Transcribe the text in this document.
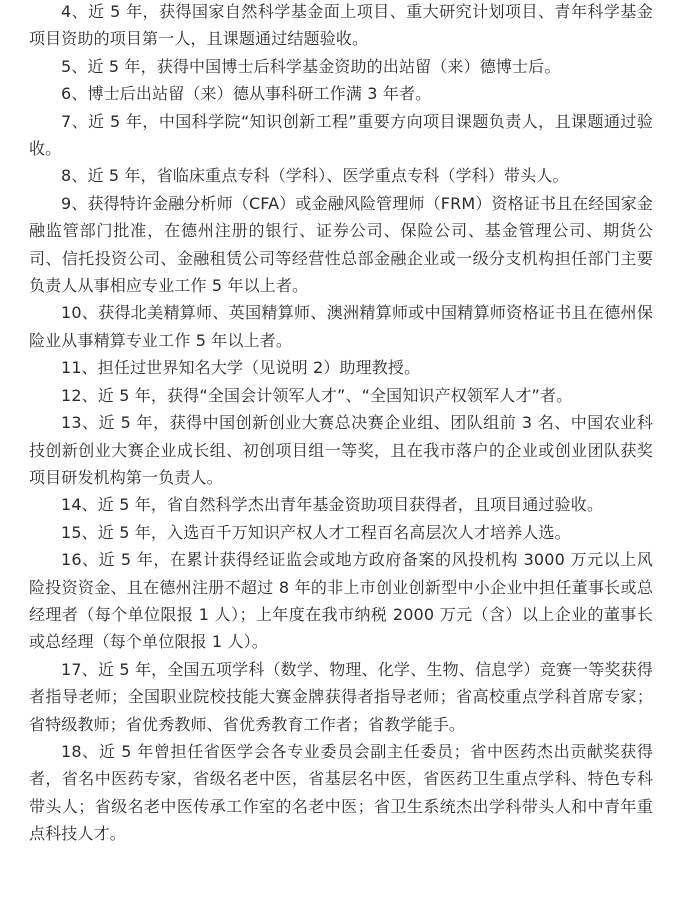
4、近 5 年，获得国家自然科学基金面上项目、重大研究计划项目、青年科学基金项目资助的项目第一人，且课题通过结题验收。

5、近 5 年，获得中国博士后科学基金资助的出站留（来）德博士后。

6、博士后出站留（来）德从事科研工作满 3 年者。

7、近 5 年，中国科学院“知识创新工程”重要方向项目课题负责人，且课题通过验收。

8、近 5 年，省临床重点专科（学科）、医学重点专科（学科）带头人。

9、获得特许金融分析师（CFA）或金融风险管理师（FRM）资格证书且在经国家金融监管部门批准，在德州注册的银行、证券公司、保险公司、基金管理公司、期货公司、信托投资公司、金融租赁公司等经营性总部金融企业或一级分支机构担任部门主要负责人从事相应专业工作 5 年以上者。

10、获得北美精算师、英国精算师、澳洲精算师或中国精算师资格证书且在德州保险业从事精算专业工作 5 年以上者。

11、担任过世界知名大学（见说明 2）助理教授。

12、近 5 年，获得“全国会计领军人才”、“全国知识产权领军人才”者。

13、近 5 年，获得中国创新创业大赛总决赛企业组、团队组前 3 名、中国农业科技创新创业大赛企业成长组、初创项目组一等奖，且在我市落户的企业或创业团队获奖项目研发机构第一负责人。

14、近 5 年，省自然科学杰出青年基金资助项目获得者，且项目通过验收。

15、近 5 年，入选百千万知识产权人才工程百名高层次人才培养人选。

16、近 5 年，在累计获得经证监会或地方政府备案的风投机构 3000 万元以上风险投资资金、且在德州注册不超过 8 年的非上市创业创新型中小企业中担任董事长或总经理者（每个单位限报 1 人）；上年度在我市纳税 2000 万元（含）以上企业的董事长或总经理（每个单位限报 1 人）。

17、近 5 年，全国五项学科（数学、物理、化学、生物、信息学）竞赛一等奖获得者指导老师；全国职业院校技能大赛金牌获得者指导老师；省高校重点学科首席专家；省特级教师；省优秀教师、省优秀教育工作者；省教学能手。

18、近 5 年曾担任省医学会各专业委员会副主任委员；省中医药杰出贡献奖获得者，省名中医药专家，省级名老中医，省基层名中医，省医药卫生重点学科、特色专科带头人；省级名老中医传承工作室的名老中医；省卫生系统杰出学科带头人和中青年重点科技人才。
